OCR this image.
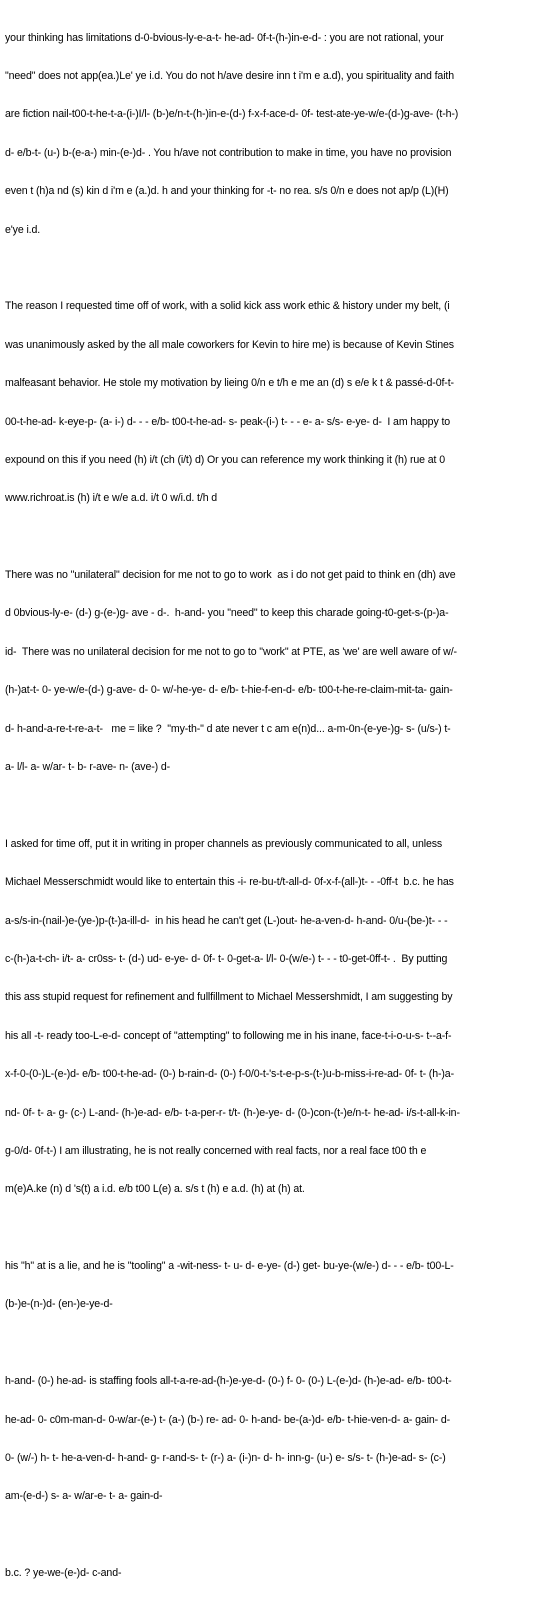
your thinking has limitations d-0-bvious-ly-e-a-t- he-ad- 0f-t-(h-)in-e-d- : you are not rational, your

"need" does not app(ea.)Le' ye i.d. You do not h/ave desire inn t i'm e a.d), you spirituality and faith

are fiction nail-t00-t-he-t-a-(i-)I/l- (b-)e/n-t-(h-)in-e-(d-) f-x-f-ace-d- 0f- test-ate-ye-w/e-(d-)g-ave- (t-h-)

d- e/b-t- (u-) b-(e-a-) min-(e-)d- . You h/ave not contribution to make in time, you have no provision

even t (h)a nd (s) kin d i'm e (a.)d. h and your thinking for -t- no rea. s/s 0/n e does not ap/p (L)(H)

e'ye i.d.

The reason I requested time off of work, with a solid kick ass work ethic & history under my belt, (i

was unanimously asked by the all male coworkers for Kevin to hire me) is because of Kevin Stines

malfeasant behavior. He stole my motivation by lieing 0/n e t/h e me an (d) s e/e k t & passé-d-0f-t-

00-t-he-ad- k-eye-p- (a- i-) d- - - e/b- t00-t-he-ad- s- peak-(i-) t- - - e- a- s/s- e-ye- d-  I am happy to

expound on this if you need (h) i/t (ch (i/t) d) Or you can reference my work thinking it (h) rue at 0

www.richroat.is (h) i/t e w/e a.d. i/t 0 w/i.d. t/h d

There was no "unilateral" decision for me not to go to work  as i do not get paid to think en (dh) ave

d 0bvious-ly-e- (d-) g-(e-)g- ave - d-.  h-and- you "need" to keep this charade going-t0-get-s-(p-)a-

id-  There was no unilateral decision for me not to go to "work" at PTE, as 'we' are well aware of w/-

(h-)at-t- 0- ye-w/e-(d-) g-ave- d- 0- w/-he-ye- d- e/b- t-hie-f-en-d- e/b- t00-t-he-re-claim-mit-ta- gain-

d- h-and-a-re-t-re-a-t-   me = like ?  "my-th-" d ate never t c am e(n)d... a-m-0n-(e-ye-)g- s- (u/s-) t-

a- l/l- a- w/ar- t- b- r-ave- n- (ave-) d-

I asked for time off, put it in writing in proper channels as previously communicated to all, unless

Michael Messerschmidt would like to entertain this -i- re-bu-t/t-all-d- 0f-x-f-(all-)t- - -0ff-t  b.c. he has

a-s/s-in-(nail-)e-(ye-)p-(t-)a-ill-d-  in his head he can't get (L-)out- he-a-ven-d- h-and- 0/u-(be-)t- - -

c-(h-)a-t-ch- i/t- a- cr0ss- t- (d-) ud- e-ye- d- 0f- t- 0-get-a- l/l- 0-(w/e-) t- - - t0-get-0ff-t- .  By putting

this ass stupid request for refinement and fullfillment to Michael Messershmidt, I am suggesting by

his all -t- ready too-L-e-d- concept of "attempting" to following me in his inane, face-t-i-o-u-s- t--a-f-

x-f-0-(0-)L-(e-)d- e/b- t00-t-he-ad- (0-) b-rain-d- (0-) f-0/0-t-'s-t-e-p-s-(t-)u-b-miss-i-re-ad- 0f- t- (h-)a-

nd- 0f- t- a- g- (c-) L-and- (h-)e-ad- e/b- t-a-per-r- t/t- (h-)e-ye- d- (0-)con-(t-)e/n-t- he-ad- i/s-t-all-k-in-

g-0/d- 0f-t-) I am illustrating, he is not really concerned with real facts, nor a real face t00 th e

m(e)A.ke (n) d 's(t) a i.d. e/b t00 L(e) a. s/s t (h) e a.d. (h) at (h) at.

his "h" at is a lie, and he is "tooling" a -wit-ness- t- u- d- e-ye- (d-) get- bu-ye-(w/e-) d- - - e/b- t00-L-

(b-)e-(n-)d- (en-)e-ye-d-

h-and- (0-) he-ad- is staffing fools all-t-a-re-ad-(h-)e-ye-d- (0-) f- 0- (0-) L-(e-)d- (h-)e-ad- e/b- t00-t-

he-ad- 0- c0m-man-d- 0-w/ar-(e-) t- (a-) (b-) re- ad- 0- h-and- be-(a-)d- e/b- t-hie-ven-d- a- gain- d-

0- (w/-) h- t- he-a-ven-d- h-and- g- r-and-s- t- (r-) a- (i-)n- d- h- inn-g- (u-) e- s/s- t- (h-)e-ad- s- (c-)

am-(e-d-) s- a- w/ar-e- t- a- gain-d-

b.c. ? ye-we-(e-)d- c-and-
